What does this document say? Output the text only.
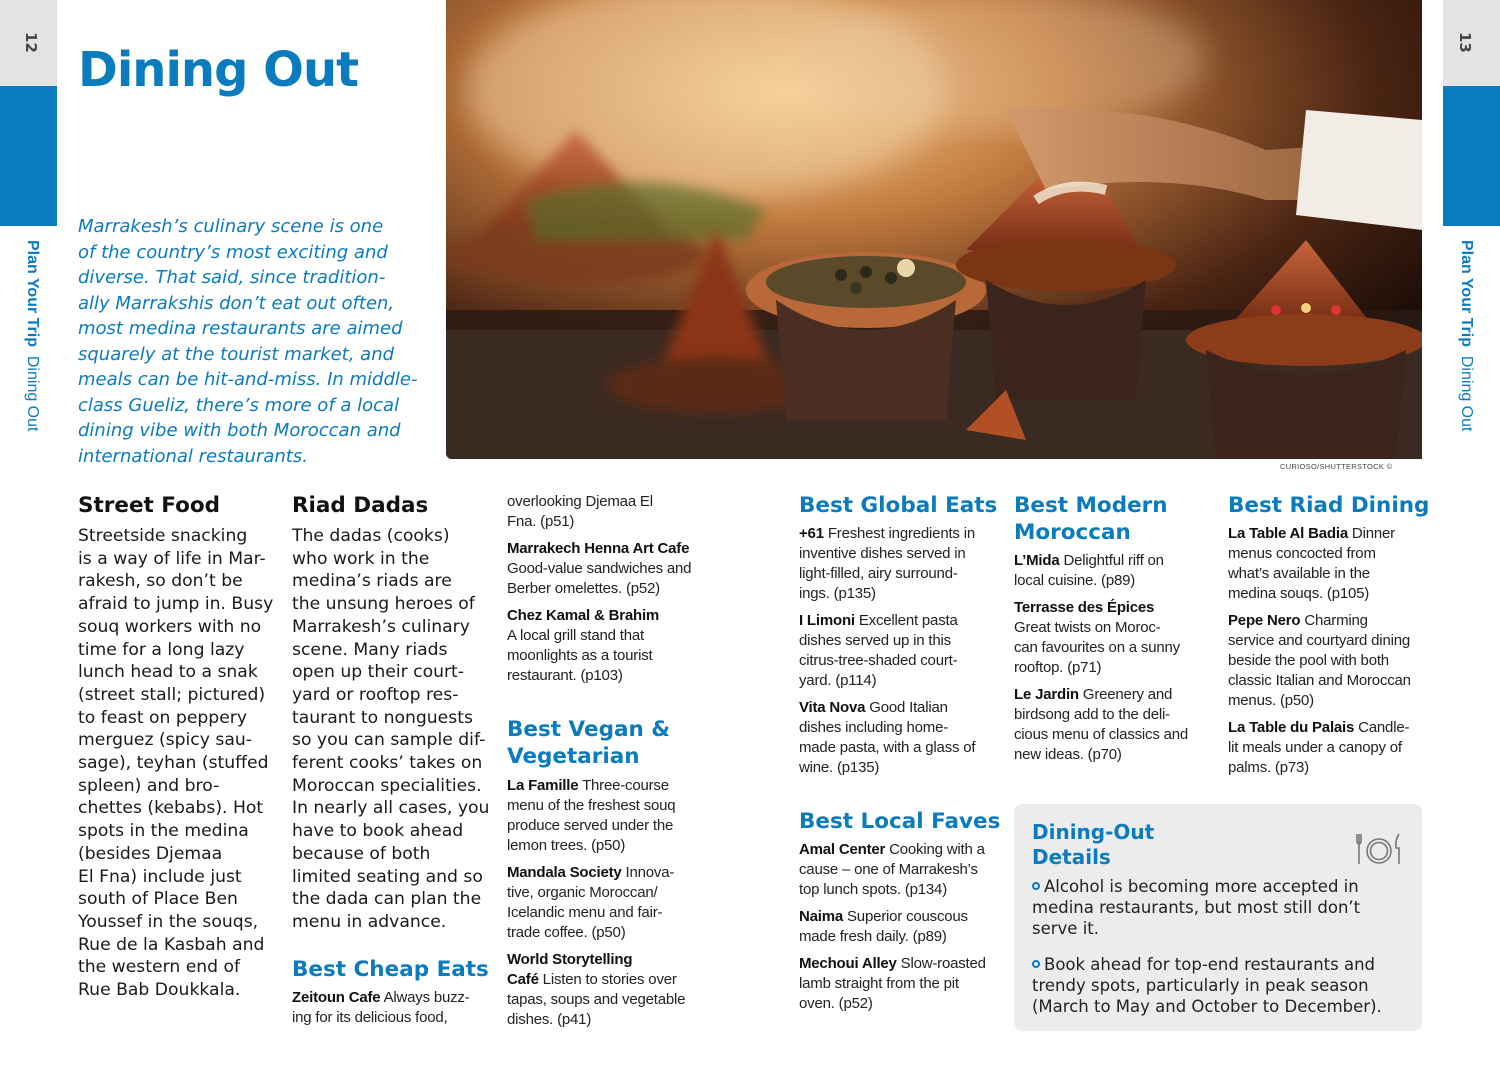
12
Plan Your Trip  Dining Out
13
Plan Your Trip  Dining Out
Dining Out
Marrakesh’s culinary scene is one
of the country’s most exciting and
diverse. That said, since tradition-
ally Marrakshis don’t eat out often,
most medina restaurants are aimed
squarely at the tourist market, and
meals can be hit-and-miss. In middle-
class Gueliz, there’s more of a local
dining vibe with both Moroccan and
international restaurants.	CURIOSO/SHUTTERSTOCK ©
Street Food
Streetside snacking
is a way of life in Mar-
rakesh, so don’t be
afraid to jump in. Busy
souq workers with no
time for a long lazy
lunch head to a snak
(street stall; pictured)
to feast on peppery
merguez (spicy sau-
sage), teyhan (stuffed
spleen) and bro-
chettes (kebabs). Hot
spots in the medina
(besides Djemaa
El Fna) include just
south of Place Ben
Youssef in the souqs,
Rue de la Kasbah and
the western end of
Rue Bab Doukkala.
Riad Dadas
The dadas (cooks)
who work in the
medina’s riads are
the unsung heroes of
Marrakesh’s culinary
scene. Many riads
open up their court-
yard or rooftop res-
taurant to nonguests
so you can sample dif-
ferent cooks’ takes on
Moroccan specialities.
In nearly all cases, you
have to book ahead
because of both
limited seating and so
the dada can plan the
menu in advance.
Best Cheap Eats
Zeitoun Cafe Always buzz-
ing for its delicious food,
overlooking Djemaa El
Fna. (p51)
Marrakech Henna Art Cafe
Good-value sandwiches and
Berber omelettes. (p52)
Chez Kamal & Brahim
A local grill stand that
moonlights as a tourist
restaurant. (p103)
Best Vegan &
Vegetarian
La Famille Three-course
menu of the freshest souq
produce served under the
lemon trees. (p50)
Mandala Society Innova-
tive, organic Moroccan/
Icelandic menu and fair-
trade coffee. (p50)
World Storytelling
Café Listen to stories over
tapas, soups and vegetable
dishes. (p41)
Best Global Eats
+61 Freshest ingredients in
inventive dishes served in
light-filled, airy surround-
ings. (p135)
I Limoni Excellent pasta
dishes served up in this
citrus-tree-shaded court-
yard. (p114)
Vita Nova Good Italian
dishes including home-
made pasta, with a glass of
wine. (p135)
Best Local Faves
Amal Center Cooking with a
cause – one of Marrakesh’s
top lunch spots. (p134)
Naima Superior couscous
made fresh daily. (p89)
Mechoui Alley Slow-roasted
lamb straight from the pit
oven. (p52)
Best Modern
Moroccan
L’Mida Delightful riff on
local cuisine. (p89)
Terrasse des Épices
Great twists on Moroc-
can favourites on a sunny
rooftop. (p71)
Le Jardin Greenery and
birdsong add to the deli-
cious menu of classics and
new ideas. (p70)
Best Riad Dining
La Table Al Badia Dinner
menus concocted from
what’s available in the
medina souqs. (p105)
Pepe Nero Charming
service and courtyard dining
beside the pool with both
classic Italian and Moroccan
menus. (p50)
La Table du Palais Candle-
lit meals under a canopy of
palms. (p73)
Dining-Out
Details
Alcohol is becoming more accepted in
medina restaurants, but most still don’t
serve it.
Book ahead for top-end restaurants and
trendy spots, particularly in peak season
(March to May and October to December).
